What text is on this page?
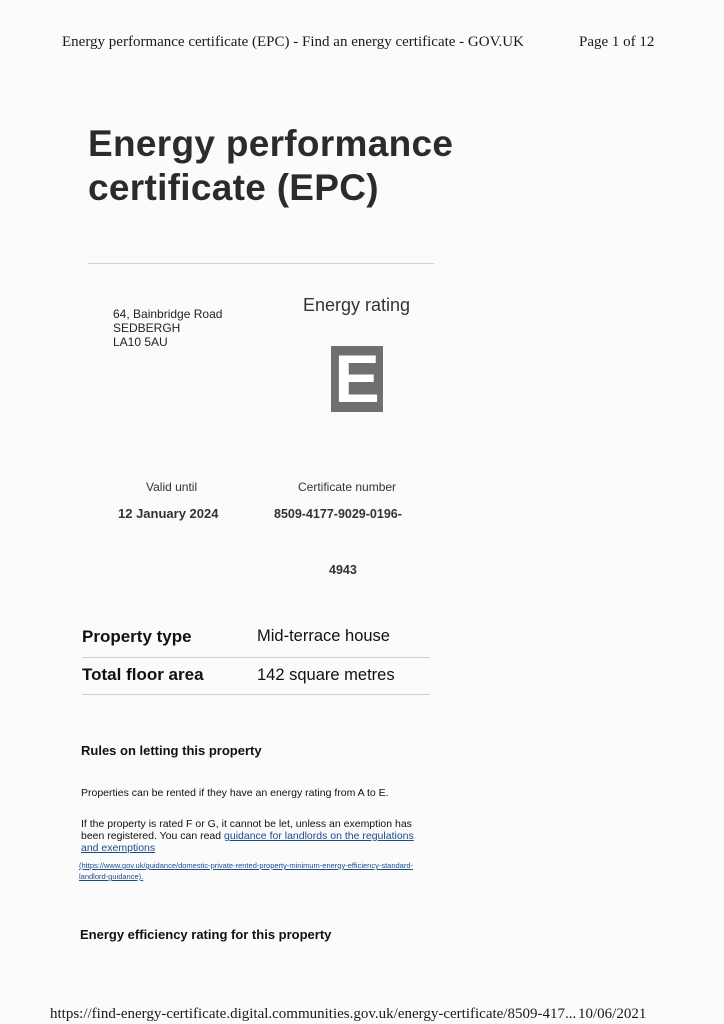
Energy performance certificate (EPC) - Find an energy certificate - GOV.UK	Page 1 of 12
Energy performance certificate (EPC)
64, Bainbridge Road
SEDBERGH
LA10 5AU
Energy rating
E
Valid until
12 January 2024
Certificate number
8509-4177-9029-0196-
4943
Property type	Mid-terrace house
Total floor area	142 square metres
Rules on letting this property
Properties can be rented if they have an energy rating from A to E.
If the property is rated F or G, it cannot be let, unless an exemption has been registered. You can read guidance for landlords on the regulations and exemptions
(https://www.gov.uk/guidance/domestic-private-rented-property-minimum-energy-efficiency-standard-landlord-guidance).
Energy efficiency rating for this property
https://find-energy-certificate.digital.communities.gov.uk/energy-certificate/8509-417... 10/06/2021
